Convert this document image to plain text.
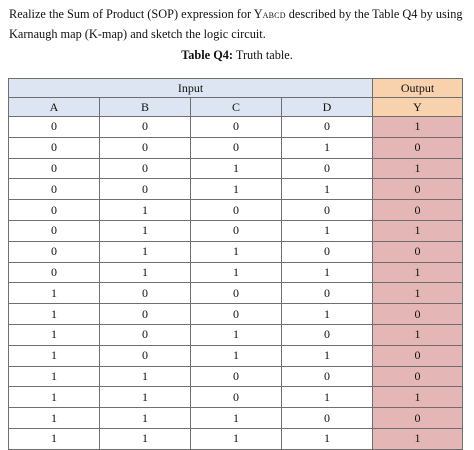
Realize the Sum of Product (SOP) expression for YABCD described by the Table Q4 by using Karnaugh map (K-map) and sketch the logic circuit.
Table Q4: Truth table.
Input				Output
A	B	C	D	Y
0	0	0	0	1
0	0	0	1	0
0	0	1	0	1
0	0	1	1	0
0	1	0	0	0
0	1	0	1	1
0	1	1	0	0
0	1	1	1	1
1	0	0	0	1
1	0	0	1	0
1	0	1	0	1
1	0	1	1	0
1	1	0	0	0
1	1	0	1	1
1	1	1	0	0
1	1	1	1	1
